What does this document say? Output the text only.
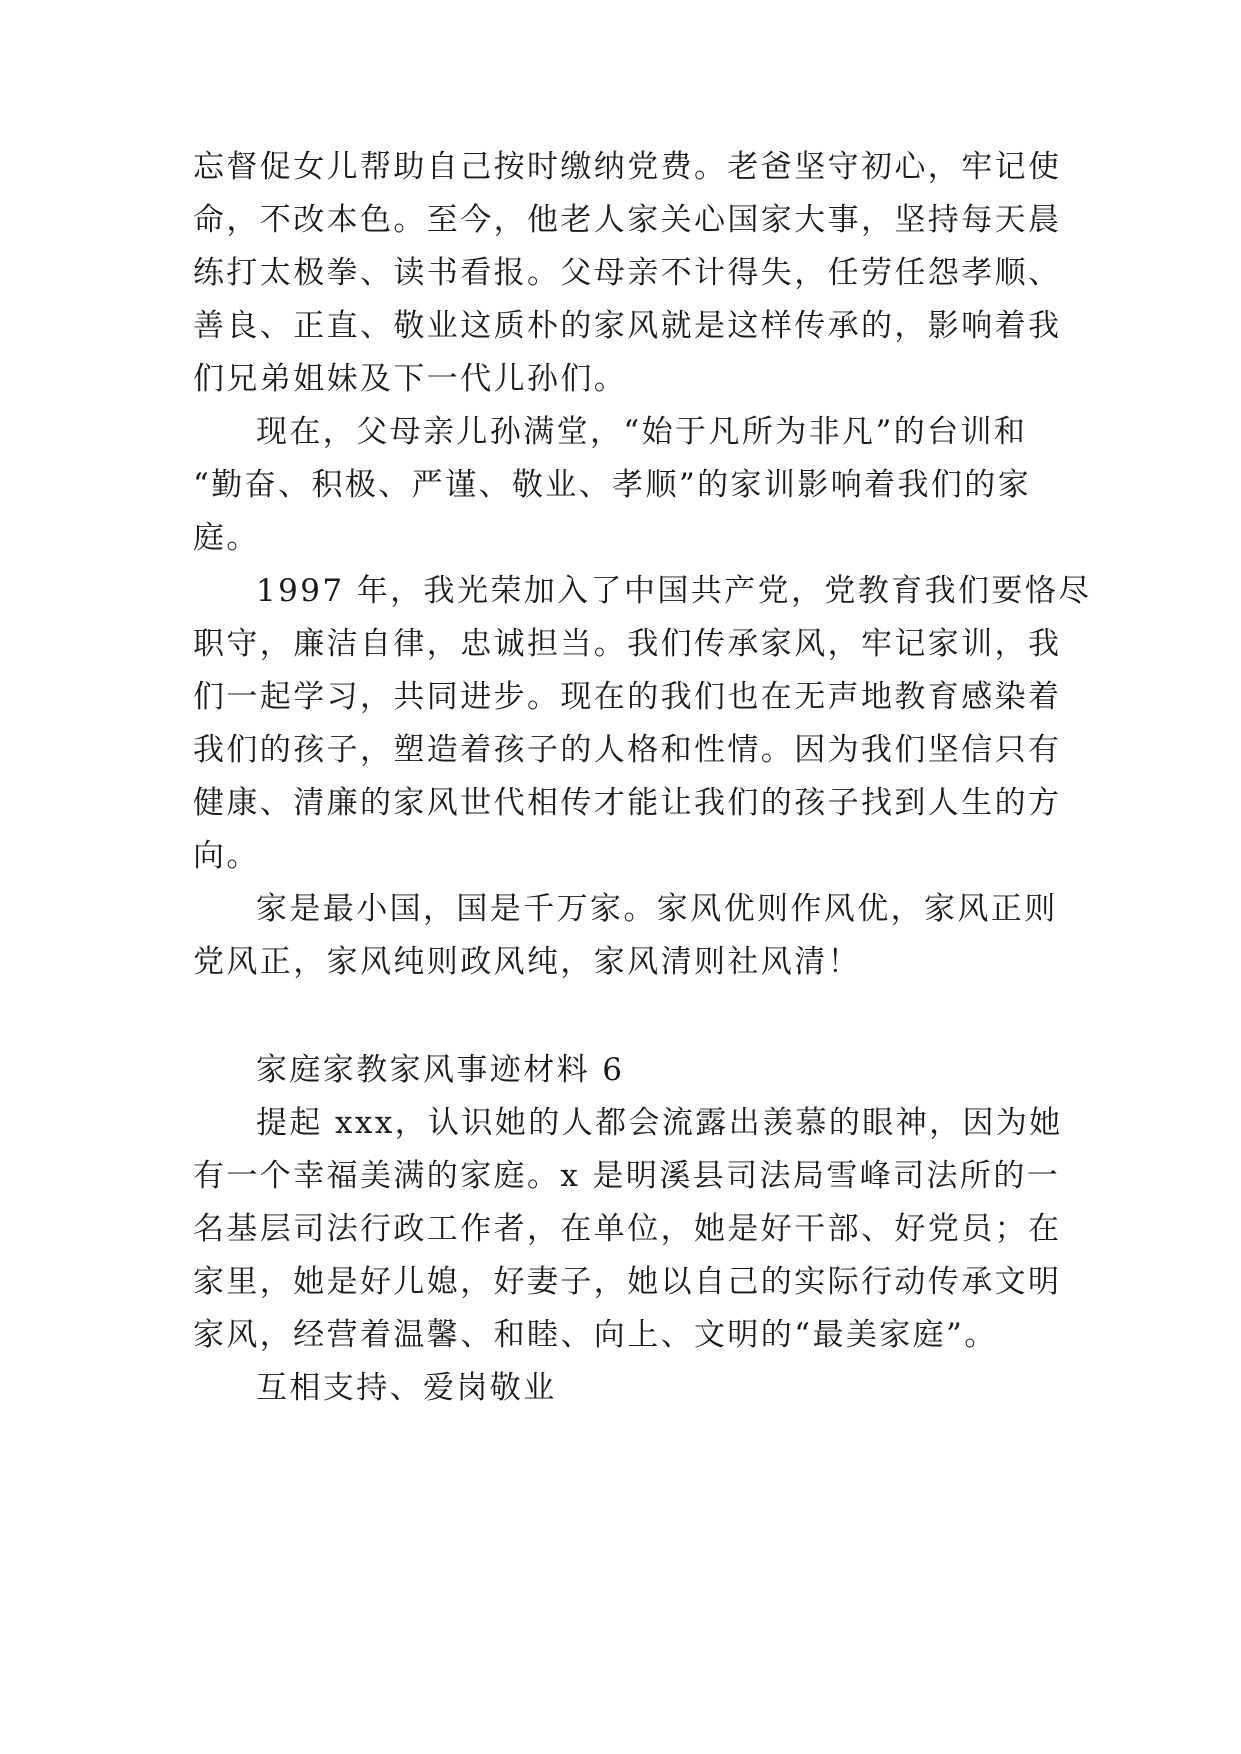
忘督促女儿帮助自己按时缴纳党费。老爸坚守初心，牢记使
命，不改本色。至今，他老人家关心国家大事，坚持每天晨
练打太极拳、读书看报。父母亲不计得失，任劳任怨孝顺、
善良、正直、敬业这质朴的家风就是这样传承的，影响着我
们兄弟姐妹及下一代儿孙们。
现在，父母亲儿孙满堂，“始于凡所为非凡”的台训和
“勤奋、积极、严谨、敬业、孝顺”的家训影响着我们的家
庭。
1997 年，我光荣加入了中国共产党，党教育我们要恪尽
职守，廉洁自律，忠诚担当。我们传承家风，牢记家训，我
们一起学习，共同进步。现在的我们也在无声地教育感染着
我们的孩子，塑造着孩子的人格和性情。因为我们坚信只有
健康、清廉的家风世代相传才能让我们的孩子找到人生的方
向。
家是最小国，国是千万家。家风优则作风优，家风正则
党风正，家风纯则政风纯，家风清则社风清！
家庭家教家风事迹材料 6
提起 xxx，认识她的人都会流露出羡慕的眼神，因为她
有一个幸福美满的家庭。x 是明溪县司法局雪峰司法所的一
名基层司法行政工作者，在单位，她是好干部、好党员；在
家里，她是好儿媳，好妻子，她以自己的实际行动传承文明
家风，经营着温馨、和睦、向上、文明的“最美家庭”。
互相支持、爱岗敬业
